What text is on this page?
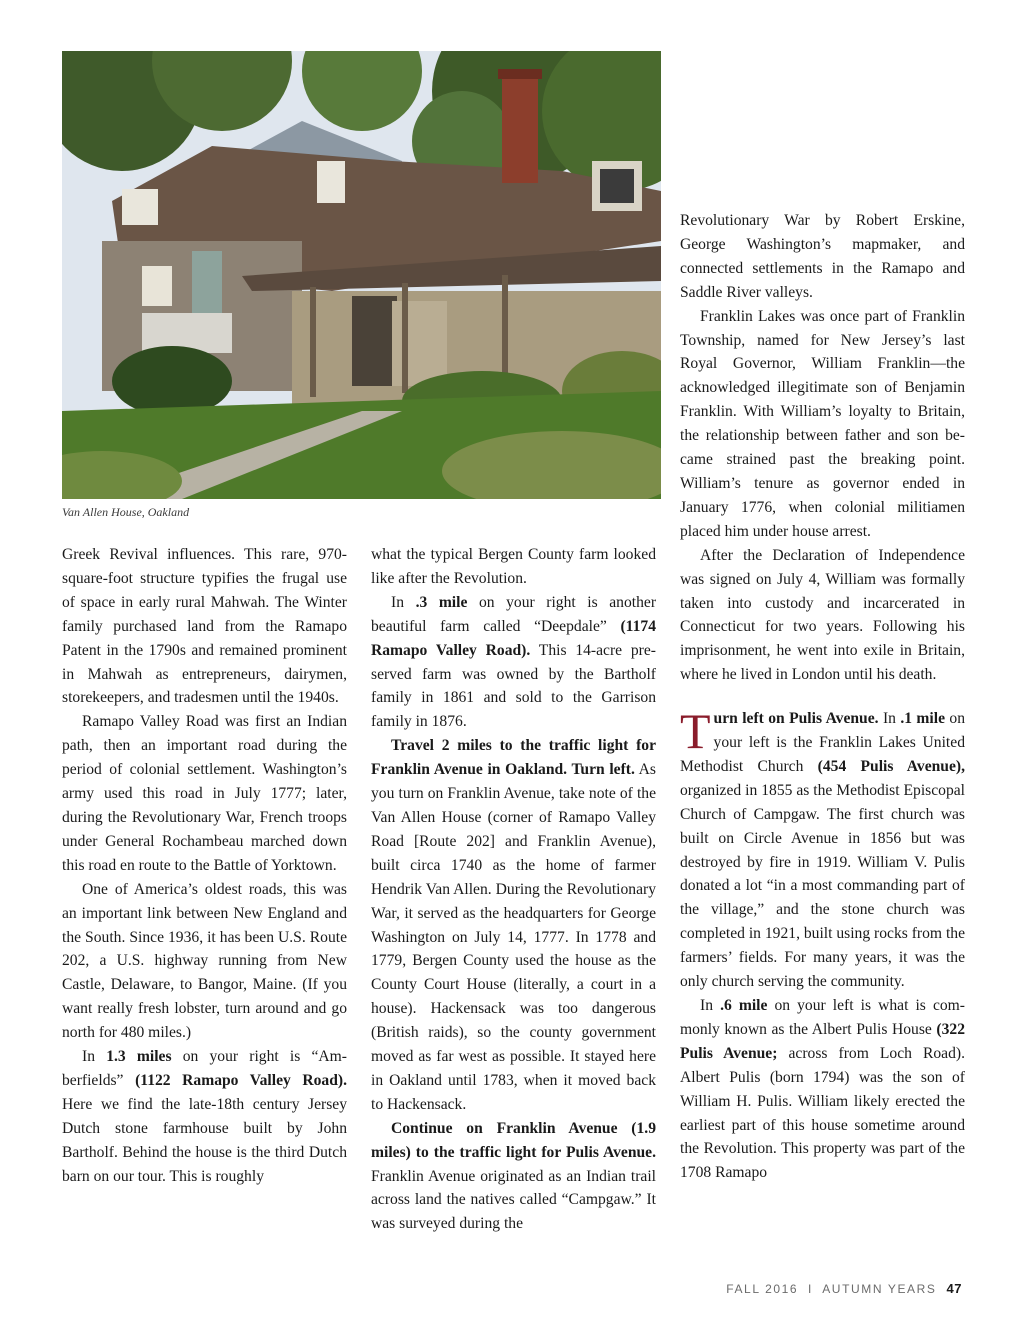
Van Allen House, Oakland

Greek Revival influences. This rare, 970-square-foot structure typifies the frugal use of space in early rural Mahwah. The Winter family purchased land from the Ramapo Patent in the 1790s and remained prominent in Mahwah as entrepreneurs, dairymen, storekeepers, and tradesmen until the 1940s.

Ramapo Valley Road was first an Indian path, then an important road during the period of colonial settlement. Washington’s army used this road in July 1777; later, during the Revolutionary War, French troops under General Rochambeau marched down this road en route to the Battle of Yorktown.

One of America’s oldest roads, this was an important link between New England and the South. Since 1936, it has been U.S. Route 202, a U.S. highway running from New Castle, Delaware, to Bangor, Maine. (If you want really fresh lobster, turn around and go north for 480 miles.)

In 1.3 miles on your right is “Amberfields” (1122 Ramapo Valley Road). Here we find the late-18th century Jersey Dutch stone farmhouse built by John Bartholf. Behind the house is the third Dutch barn on our tour. This is roughly

what the typical Bergen County farm looked like after the Revolution.

In .3 mile on your right is another beautiful farm called “Deepdale” (1174 Ramapo Valley Road). This 14-acre preserved farm was owned by the Bartholf family in 1861 and sold to the Garrison family in 1876.

Travel 2 miles to the traffic light for Franklin Avenue in Oakland. Turn left. As you turn on Franklin Avenue, take note of the Van Allen House (corner of Ramapo Valley Road [Route 202] and Franklin Avenue), built circa 1740 as the home of farmer Hendrik Van Allen. During the Revolutionary War, it served as the headquarters for George Washington on July 14, 1777. In 1778 and 1779, Bergen County used the house as the County Court House (literally, a court in a house). Hackensack was too dangerous (British raids), so the county government moved as far west as possible. It stayed here in Oakland until 1783, when it moved back to Hackensack.

Continue on Franklin Avenue (1.9 miles) to the traffic light for Pulis Avenue. Franklin Avenue originated as an Indian trail across land the natives called “Campgaw.” It was surveyed during the

Revolutionary War by Robert Erskine, George Washington’s mapmaker, and connected settlements in the Ramapo and Saddle River valleys.

Franklin Lakes was once part of Franklin Township, named for New Jersey’s last Royal Governor, William Franklin—the acknowledged illegitimate son of Benjamin Franklin. With William’s loyalty to Britain, the relationship between father and son became strained past the breaking point. William’s tenure as governor ended in January 1776, when colonial militiamen placed him under house arrest.

After the Declaration of Independence was signed on July 4, William was formally taken into custody and incarcerated in Connecticut for two years. Following his imprisonment, he went into exile in Britain, where he lived in London until his death.

Turn left on Pulis Avenue. In .1 mile on your left is the Franklin Lakes United Methodist Church (454 Pulis Avenue), organized in 1855 as the Methodist Episcopal Church of Campgaw. The first church was built on Circle Avenue in 1856 but was destroyed by fire in 1919. William V. Pulis donated a lot “in a most commanding part of the village,” and the stone church was completed in 1921, built using rocks from the farmers’ fields. For many years, it was the only church serving the community.

In .6 mile on your left is what is commonly known as the Albert Pulis House (322 Pulis Avenue; across from Loch Road). Albert Pulis (born 1794) was the son of William H. Pulis. William likely erected the earliest part of this house sometime around the Revolution. This property was part of the 1708 Ramapo

FALL 2016  I  AUTUMN YEARS 47
